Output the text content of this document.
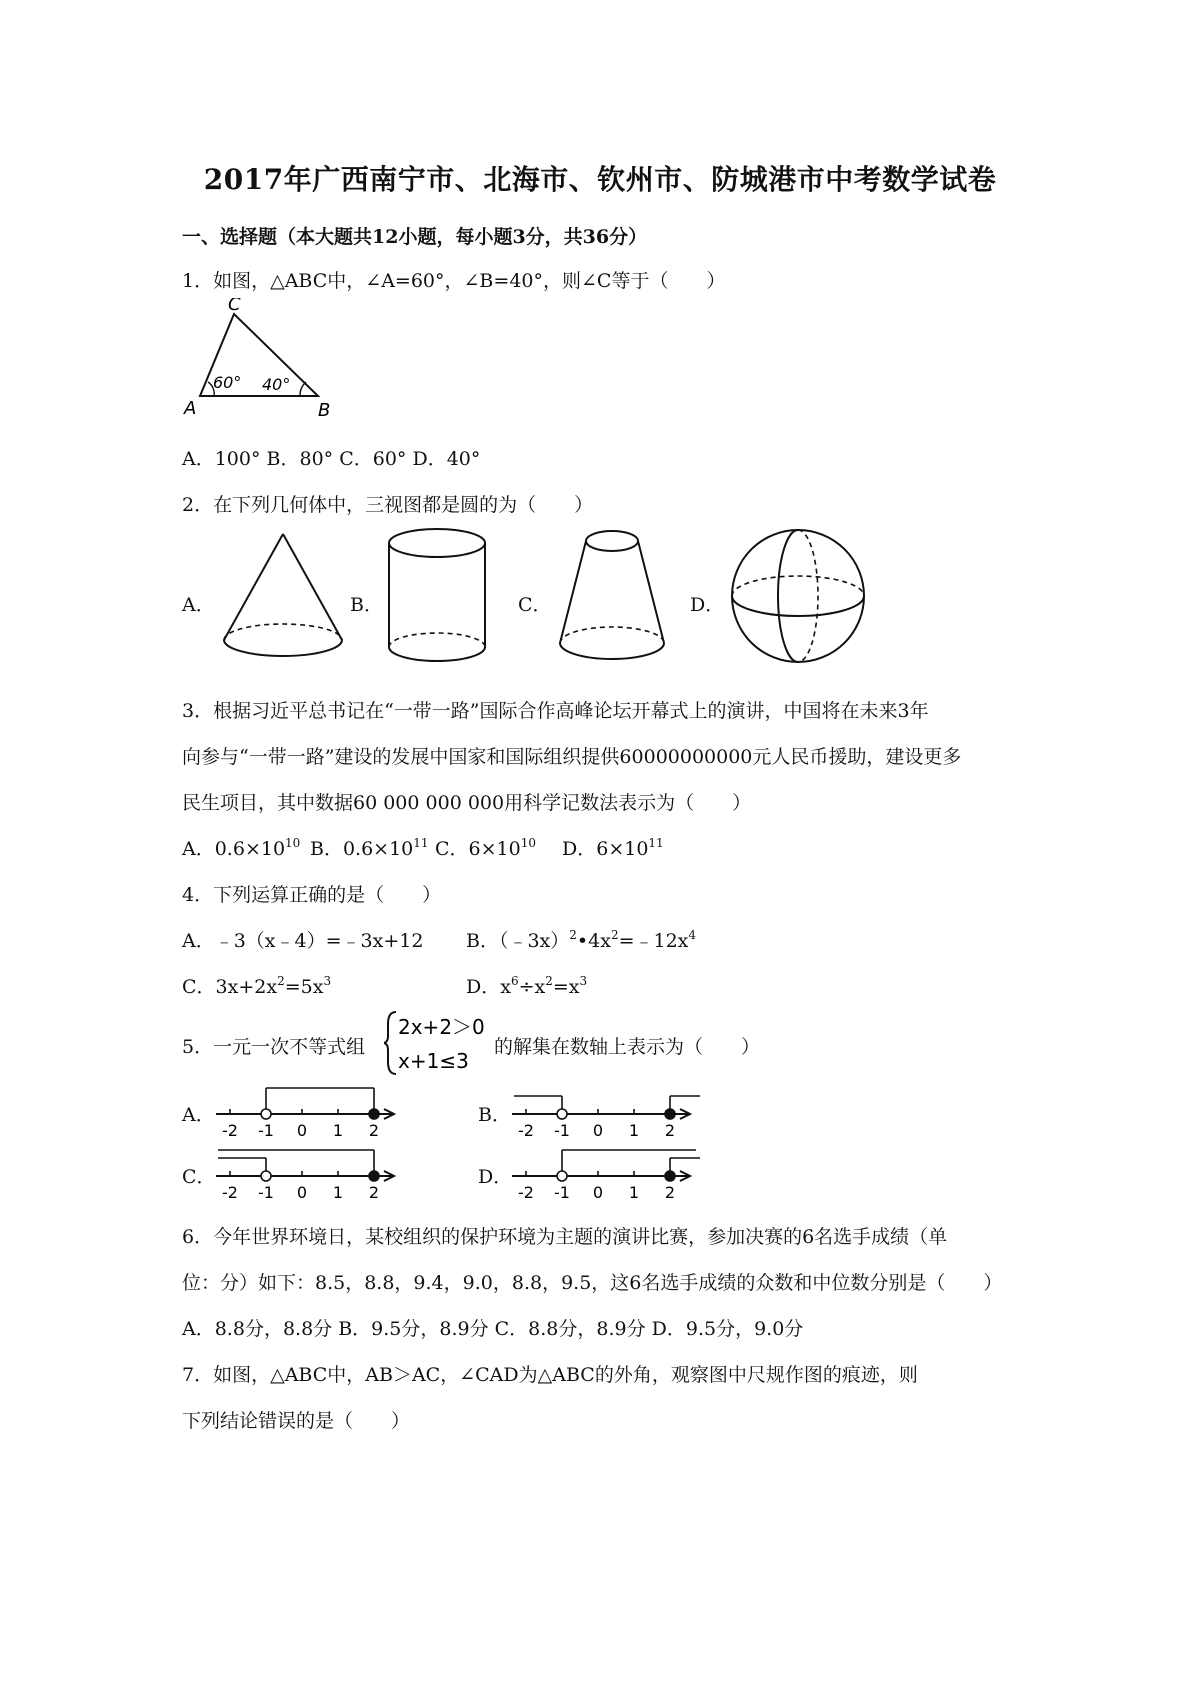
2017年广西南宁市、北海市、钦州市、防城港市中考数学试卷
一、选择题（本大题共12小题，每小题3分，共36分）
1．如图，△ABC中，∠A=60°，∠B=40°，则∠C等于（　　）
60° 40°
C
A	B
A．100° B．80° C．60° D．40°
2．在下列几何体中，三视图都是圆的为（　　）
A．	B．	C．	D．
3．根据习近平总书记在“一带一路”国际合作高峰论坛开幕式上的演讲，中国将在未来3年
向参与“一带一路”建设的发展中国家和国际组织提供60000000000元人民币援助，建设更多
民生项目，其中数据60 000 000 000用科学记数法表示为（　　）
A．$0.6\times 10^{10}$ B．$0.6\times 10^{11}$ C．$6\times 10^{10}$ D．$6\times 10^{11}$
4．下列运算正确的是（　　）
A．﹣3（x﹣4）=﹣3x+12 B．$(﹣3x)^2•4x^2=﹣12x^4$
C．$3x+2x^2=5x^3$	D．$x^6\div x^2=x^3$
5．一元一次不等式组
2x+2＞0
x+1≤3
的解集在数轴上表示为（　　）
A．	B．
C．	D．
-2 -1 0 1 2	-2 -1 0 1 2
-2 -1 0 1 2	-2 -1 0 1 2
6．今年世界环境日，某校组织的保护环境为主题的演讲比赛，参加决赛的6名选手成绩（单
位：分）如下：8.5，8.8，9.4，9.0，8.8，9.5，这6名选手成绩的众数和中位数分别是（　　）
A．8.8分，8.8分 B．9.5分，8.9分 C．8.8分，8.9分 D．9.5分，9.0分
7．如图，△ABC中，AB＞AC，∠CAD为△ABC的外角，观察图中尺规作图的痕迹，则
下列结论错误的是（　　）
